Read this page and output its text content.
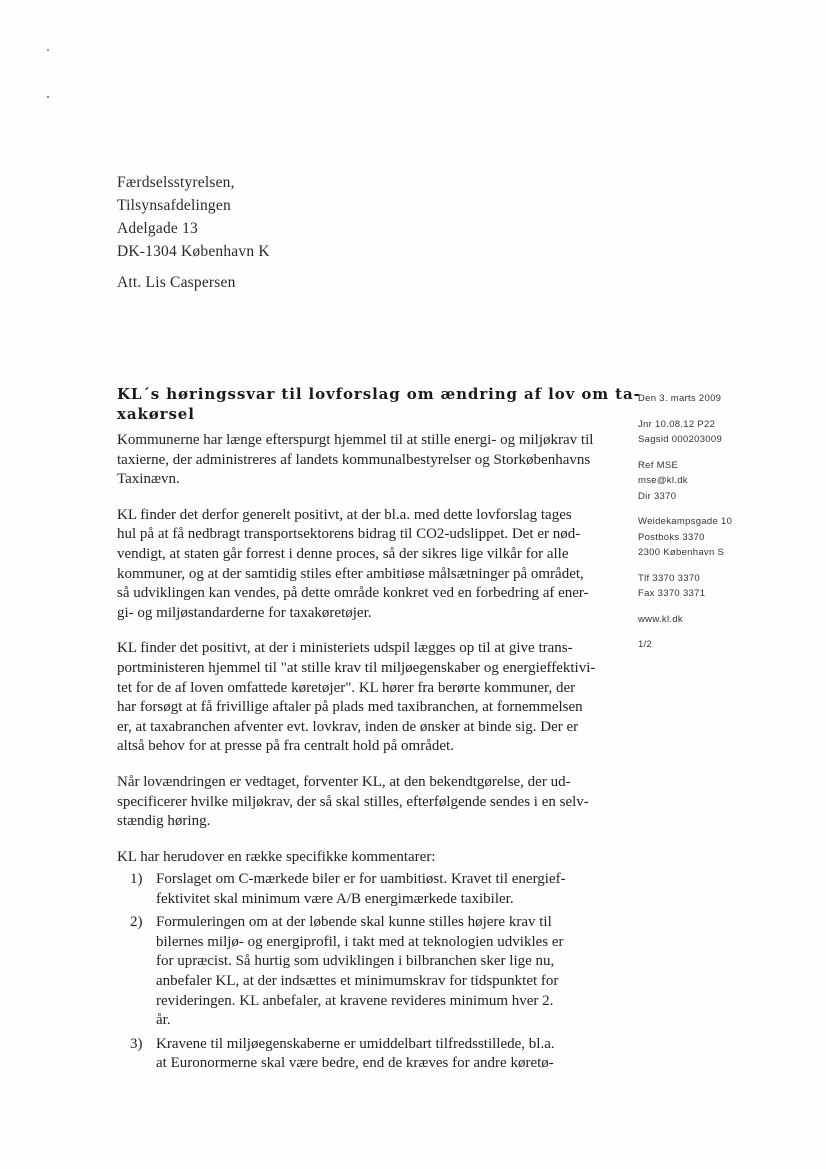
Færdselsstyrelsen,
Tilsynsafdelingen
Adelgade 13
DK-1304 København K
Att. Lis Caspersen
KL´s høringssvar til lovforslag om ændring af lov om ta-
xakørsel

Kommunerne har længe efterspurgt hjemmel til at stille energi- og miljøkrav til
taxierne, der administreres af landets kommunalbestyrelser og Storkøbenhavns
Taxinævn.

KL finder det derfor generelt positivt, at der bl.a. med dette lovforslag tages
hul på at få nedbragt transportsektorens bidrag til CO2-udslippet. Det er nød-
vendigt, at staten går forrest i denne proces, så der sikres lige vilkår for alle
kommuner, og at der samtidig stiles efter ambitiøse målsætninger på området,
så udviklingen kan vendes, på dette område konkret ved en forbedring af ener-
gi- og miljøstandarderne for taxakøretøjer.

KL finder det positivt, at der i ministeriets udspil lægges op til at give trans-
portministeren hjemmel til "at stille krav til miljøegenskaber og energieffektivi-
tet for de af loven omfattede køretøjer". KL hører fra berørte kommuner, der
har forsøgt at få frivillige aftaler på plads med taxibranchen, at fornemmelsen
er, at taxabranchen afventer evt. lovkrav, inden de ønsker at binde sig. Der er
altså behov for at presse på fra centralt hold på området.

Når lovændringen er vedtaget, forventer KL, at den bekendtgørelse, der ud-
specificerer hvilke miljøkrav, der så skal stilles, efterfølgende sendes i en selv-
stændig høring.

KL har herudover en række specifikke kommentarer:

1) Forslaget om C-mærkede biler er for uambitiøst. Kravet til energief-
fektivitet skal minimum være A/B energimærkede taxibiler.
2) Formuleringen om at der løbende skal kunne stilles højere krav til
bilernes miljø- og energiprofil, i takt med at teknologien udvikles er
for upræcist. Så hurtig som udviklingen i bilbranchen sker lige nu,
anbefaler KL, at der indsættes et minimumskrav for tidspunktet for
revideringen. KL anbefaler, at kravene revideres minimum hver 2.
år.
3) Kravene til miljøegenskaberne er umiddelbart tilfredsstillede, bl.a.
at Euronormerne skal være bedre, end de kræves for andre køretø-
Den 3. marts 2009
Jnr 10.08.12 P22
Sagsid 000203009
Ref MSE
mse@kl.dk
Dir 3370
Weidekampsgade 10
Postboks 3370
2300 København S
Tlf 3370 3370
Fax 3370 3371
www.kl.dk
1/2
